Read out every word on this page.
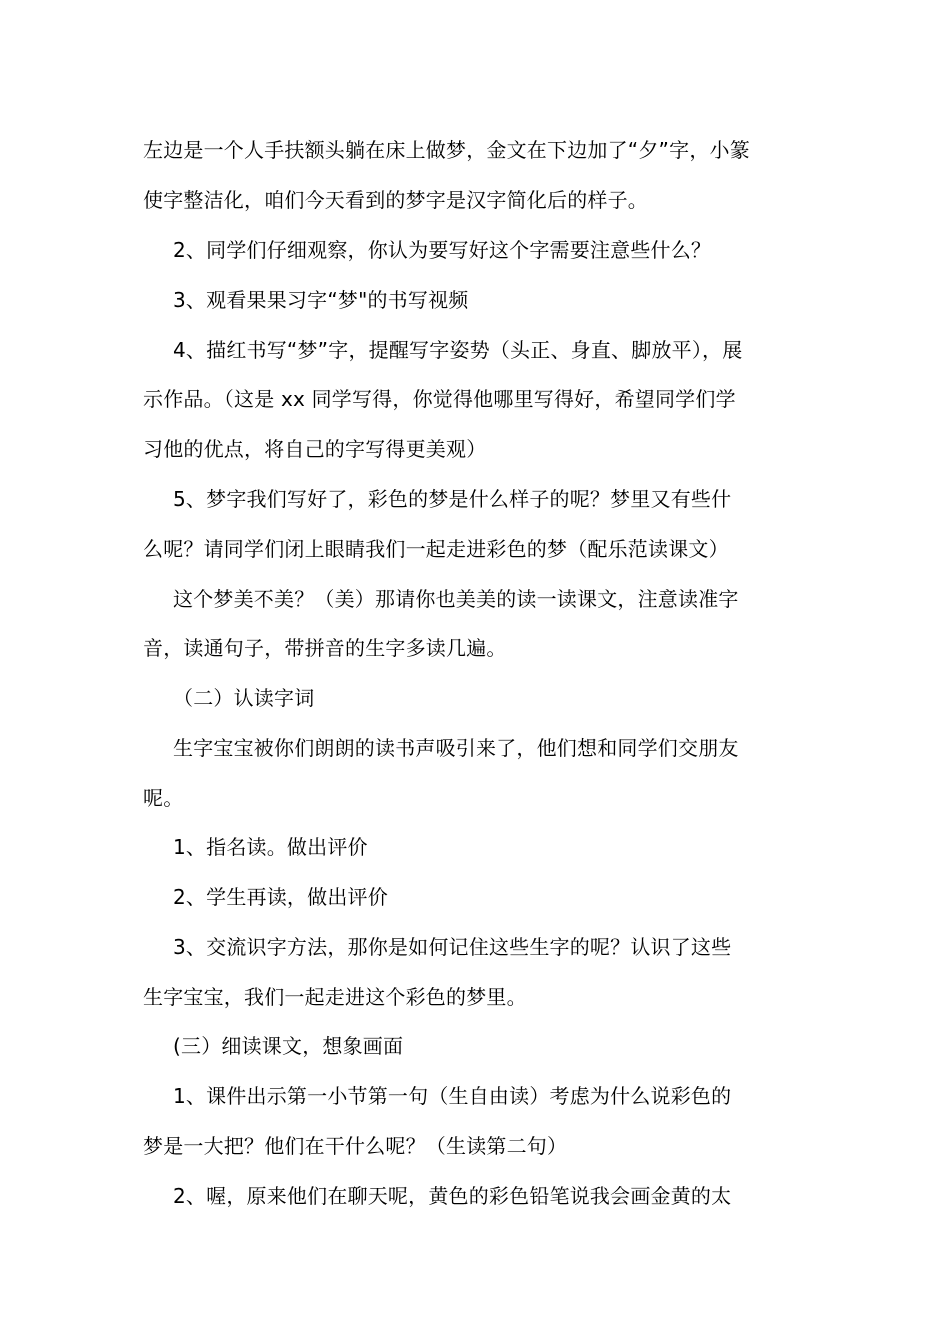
左边是一个人手扶额头躺在床上做梦，金文在下边加了“夕”字，小篆

使字整洁化，咱们今天看到的梦字是汉字简化后的样子。

2、同学们仔细观察，你认为要写好这个字需要注意些什么？

3、观看果果习字“梦"的书写视频

4、描红书写“梦”字，提醒写字姿势（头正、身直、脚放平），展

示作品。（这是 xx 同学写得，你觉得他哪里写得好，希望同学们学

习他的优点，将自己的字写得更美观）

5、梦字我们写好了，彩色的梦是什么样子的呢？梦里又有些什

么呢？请同学们闭上眼睛我们一起走进彩色的梦（配乐范读课文）

这个梦美不美？（美）那请你也美美的读一读课文，注意读准字

音，读通句子，带拼音的生字多读几遍。

（二）认读字词

生字宝宝被你们朗朗的读书声吸引来了，他们想和同学们交朋友

呢。

1、指名读。做出评价

2、学生再读，做出评价

3、交流识字方法，那你是如何记住这些生字的呢？认识了这些

生字宝宝，我们一起走进这个彩色的梦里。

(三）细读课文，想象画面

1、课件出示第一小节第一句（生自由读）考虑为什么说彩色的

梦是一大把？他们在干什么呢？（生读第二句）

2、喔，原来他们在聊天呢，黄色的彩色铅笔说我会画金黄的太
